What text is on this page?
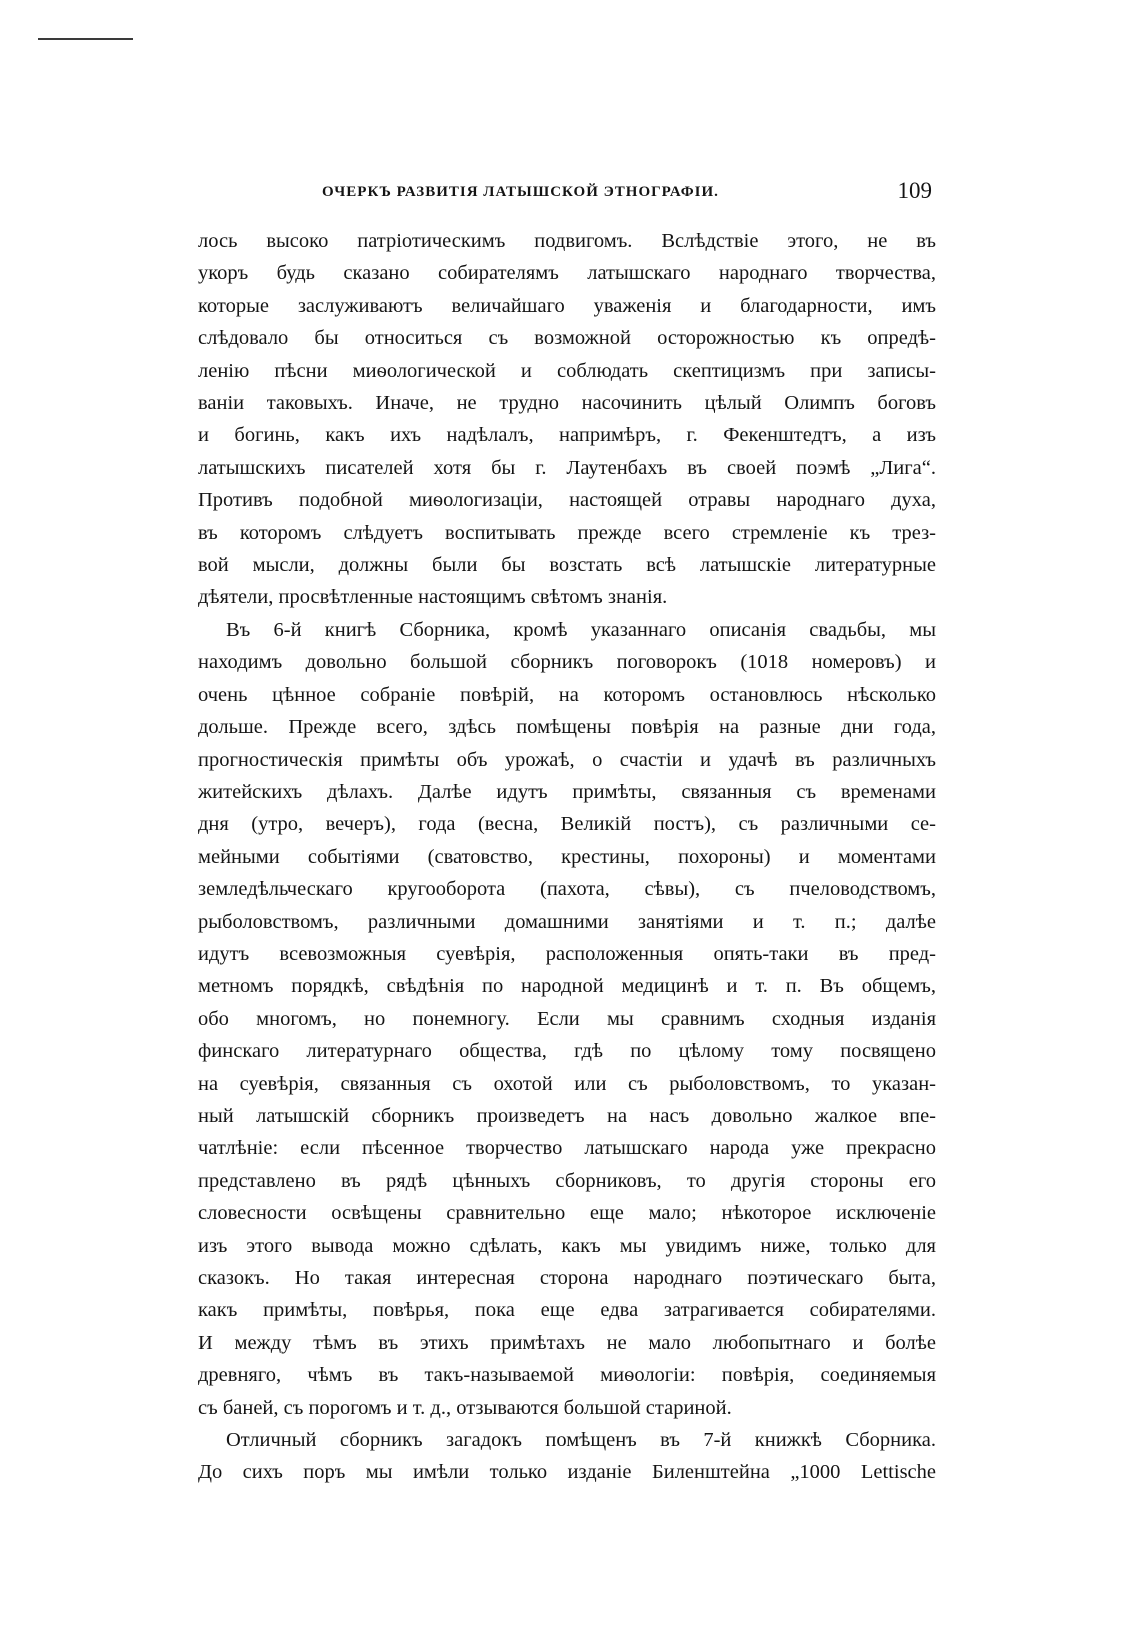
ОЧЕРКЪ РАЗВИТІЯ ЛАТЫШСКОЙ ЭТНОГРАФІИ.	109
лось высоко патріотическимъ подвигомъ. Вслѣдствіе этого, не въ
укоръ будь сказано собирателямъ латышскаго народнаго творчества,
которые заслуживаютъ величайшаго уваженія и благодарности, имъ
слѣдовало бы относиться съ возможной осторожностью къ опредѣ-
ленію пѣсни миѳологической и соблюдать скептицизмъ при записы-
ваніи таковыхъ. Иначе, не трудно насочинить цѣлый Олимпъ боговъ
и богинь, какъ ихъ надѣлалъ, напримѣръ, г. Фекенштедтъ, а изъ
латышскихъ писателей хотя бы г. Лаутенбахъ въ своей поэмѣ „Лига“.
Противъ подобной миѳологизаціи, настоящей отравы народнаго духа,
въ которомъ слѣдуетъ воспитывать прежде всего стремленіе къ трез-
вой мысли, должны были бы возстать всѣ латышскіе литературные
дѣятели, просвѣтленные настоящимъ свѣтомъ знанія.
Въ 6-й книгѣ Сборника, кромѣ указаннаго описанія свадьбы, мы
находимъ довольно большой сборникъ поговорокъ (1018 номеровъ) и
очень цѣнное собраніе повѣрій, на которомъ остановлюсь нѣсколько
дольше. Прежде всего, здѣсь помѣщены повѣрія на разные дни года,
прогностическія примѣты объ урожаѣ, о счастіи и удачѣ въ различныхъ
житейскихъ дѣлахъ. Далѣе идутъ примѣты, связанныя съ временами
дня (утро, вечеръ), года (весна, Великій постъ), съ различными се-
мейными событіями (сватовство, крестины, похороны) и моментами
земледѣльческаго кругооборота (пахота, сѣвы), съ пчеловодствомъ,
рыболовствомъ, различными домашними занятіями и т. п.; далѣе
идутъ всевозможныя суевѣрія, расположенныя опять-таки въ пред-
метномъ порядкѣ, свѣдѣнія по народной медицинѣ и т. п. Въ общемъ,
обо многомъ, но понемногу. Если мы сравнимъ сходныя изданія
финскаго литературнаго общества, гдѣ по цѣлому тому посвящено
на суевѣрія, связанныя съ охотой или съ рыболовствомъ, то указан-
ный латышскій сборникъ произведетъ на насъ довольно жалкое впе-
чатлѣніе: если пѣсенное творчество латышскаго народа уже прекрасно
представлено въ рядѣ цѣнныхъ сборниковъ, то другія стороны его
словесности освѣщены сравнительно еще мало; нѣкоторое исключеніе
изъ этого вывода можно сдѣлать, какъ мы увидимъ ниже, только для
сказокъ. Но такая интересная сторона народнаго поэтическаго быта,
какъ примѣты, повѣрья, пока еще едва затрагивается собирателями.
И между тѣмъ въ этихъ примѣтахъ не мало любопытнаго и болѣе
древняго, чѣмъ въ такъ-называемой миѳологіи: повѣрія, соединяемыя
съ баней, съ порогомъ и т. д., отзываются большой стариной.
Отличный сборникъ загадокъ помѣщенъ въ 7-й книжкѣ Сборника.
До сихъ поръ мы имѣли только изданіе Биленштейна „1000 Lettische
